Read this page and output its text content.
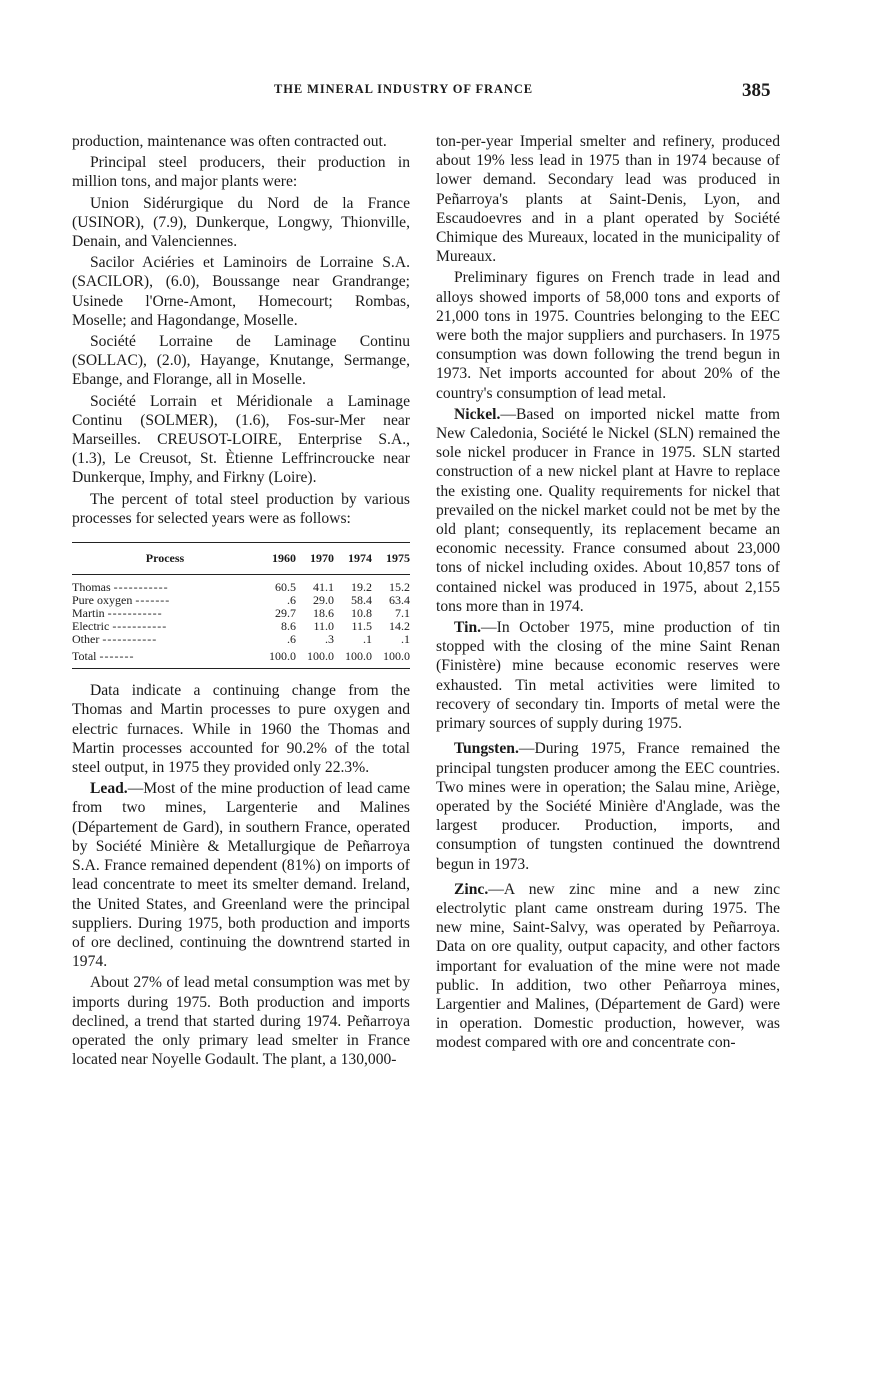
THE MINERAL INDUSTRY OF FRANCE	385

production, maintenance was often contracted out.

Principal steel producers, their production in million tons, and major plants were:

Union Sidérurgique du Nord de la France (USINOR), (7.9), Dunkerque, Longwy, Thionville, Denain, and Valenciennes.

Sacilor Aciéries et Laminoirs de Lorraine S.A. (SACILOR), (6.0), Boussange near Grandrange; Usinede l'Orne-Amont, Homecourt; Rombas, Moselle; and Hagondange, Moselle.

Société Lorraine de Laminage Continu (SOLLAC), (2.0), Hayange, Knutange, Sermange, Ebange, and Florange, all in Moselle.

Société Lorrain et Méridionale a Laminage Continu (SOLMER), (1.6), Fos-sur-Mer near Marseilles. CREUSOT-LOIRE, Enterprise S.A., (1.3), Le Creusot, St. Ètienne Leffrincroucke near Dunkerque, Imphy, and Firkny (Loire).

The percent of total steel production by various processes for selected years were as follows:

Process	1960	1970	1974	1975
Thomas -----------	60.5	41.1	19.2	15.2
Pure oxygen -------	.6	29.0	58.4	63.4
Martin -----------	29.7	18.6	10.8	7.1
Electric -----------	8.6	11.0	11.5	14.2
Other -----------	.6	.3	.1	.1
Total -------	100.0	100.0	100.0	100.0

Data indicate a continuing change from the Thomas and Martin processes to pure oxygen and electric furnaces. While in 1960 the Thomas and Martin processes accounted for 90.2% of the total steel output, in 1975 they provided only 22.3%.

Lead.—Most of the mine production of lead came from two mines, Largenterie and Malines (Département de Gard), in southern France, operated by Société Minière & Metallurgique de Peñarroya S.A. France remained dependent (81%) on imports of lead concentrate to meet its smelter demand. Ireland, the United States, and Greenland were the principal suppliers. During 1975, both production and imports of ore declined, continuing the downtrend started in 1974.

About 27% of lead metal consumption was met by imports during 1975. Both production and imports declined, a trend that started during 1974. Peñarroya operated the only primary lead smelter in France located near Noyelle Godault. The plant, a 130,000-

ton-per-year Imperial smelter and refinery, produced about 19% less lead in 1975 than in 1974 because of lower demand. Secondary lead was produced in Peñarroya's plants at Saint-Denis, Lyon, and Escaudoevres and in a plant operated by Société Chimique des Mureaux, located in the municipality of Mureaux.

Preliminary figures on French trade in lead and alloys showed imports of 58,000 tons and exports of 21,000 tons in 1975. Countries belonging to the EEC were both the major suppliers and purchasers. In 1975 consumption was down following the trend begun in 1973. Net imports accounted for about 20% of the country's consumption of lead metal.

Nickel.—Based on imported nickel matte from New Caledonia, Société le Nickel (SLN) remained the sole nickel producer in France in 1975. SLN started construction of a new nickel plant at Havre to replace the existing one. Quality requirements for nickel that prevailed on the nickel market could not be met by the old plant; consequently, its replacement became an economic necessity. France consumed about 23,000 tons of nickel including oxides. About 10,857 tons of contained nickel was produced in 1975, about 2,155 tons more than in 1974.

Tin.—In October 1975, mine production of tin stopped with the closing of the mine Saint Renan (Finistère) mine because economic reserves were exhausted. Tin metal activities were limited to recovery of secondary tin. Imports of metal were the primary sources of supply during 1975.

Tungsten.—During 1975, France remained the principal tungsten producer among the EEC countries. Two mines were in operation; the Salau mine, Ariège, operated by the Société Minière d'Anglade, was the largest producer. Production, imports, and consumption of tungsten continued the downtrend begun in 1973.

Zinc.—A new zinc mine and a new zinc electrolytic plant came onstream during 1975. The new mine, Saint-Salvy, was operated by Peñarroya. Data on ore quality, output capacity, and other factors important for evaluation of the mine were not made public. In addition, two other Peñarroya mines, Largentier and Malines, (Département de Gard) were in operation. Domestic production, however, was modest compared with ore and concentrate con-
